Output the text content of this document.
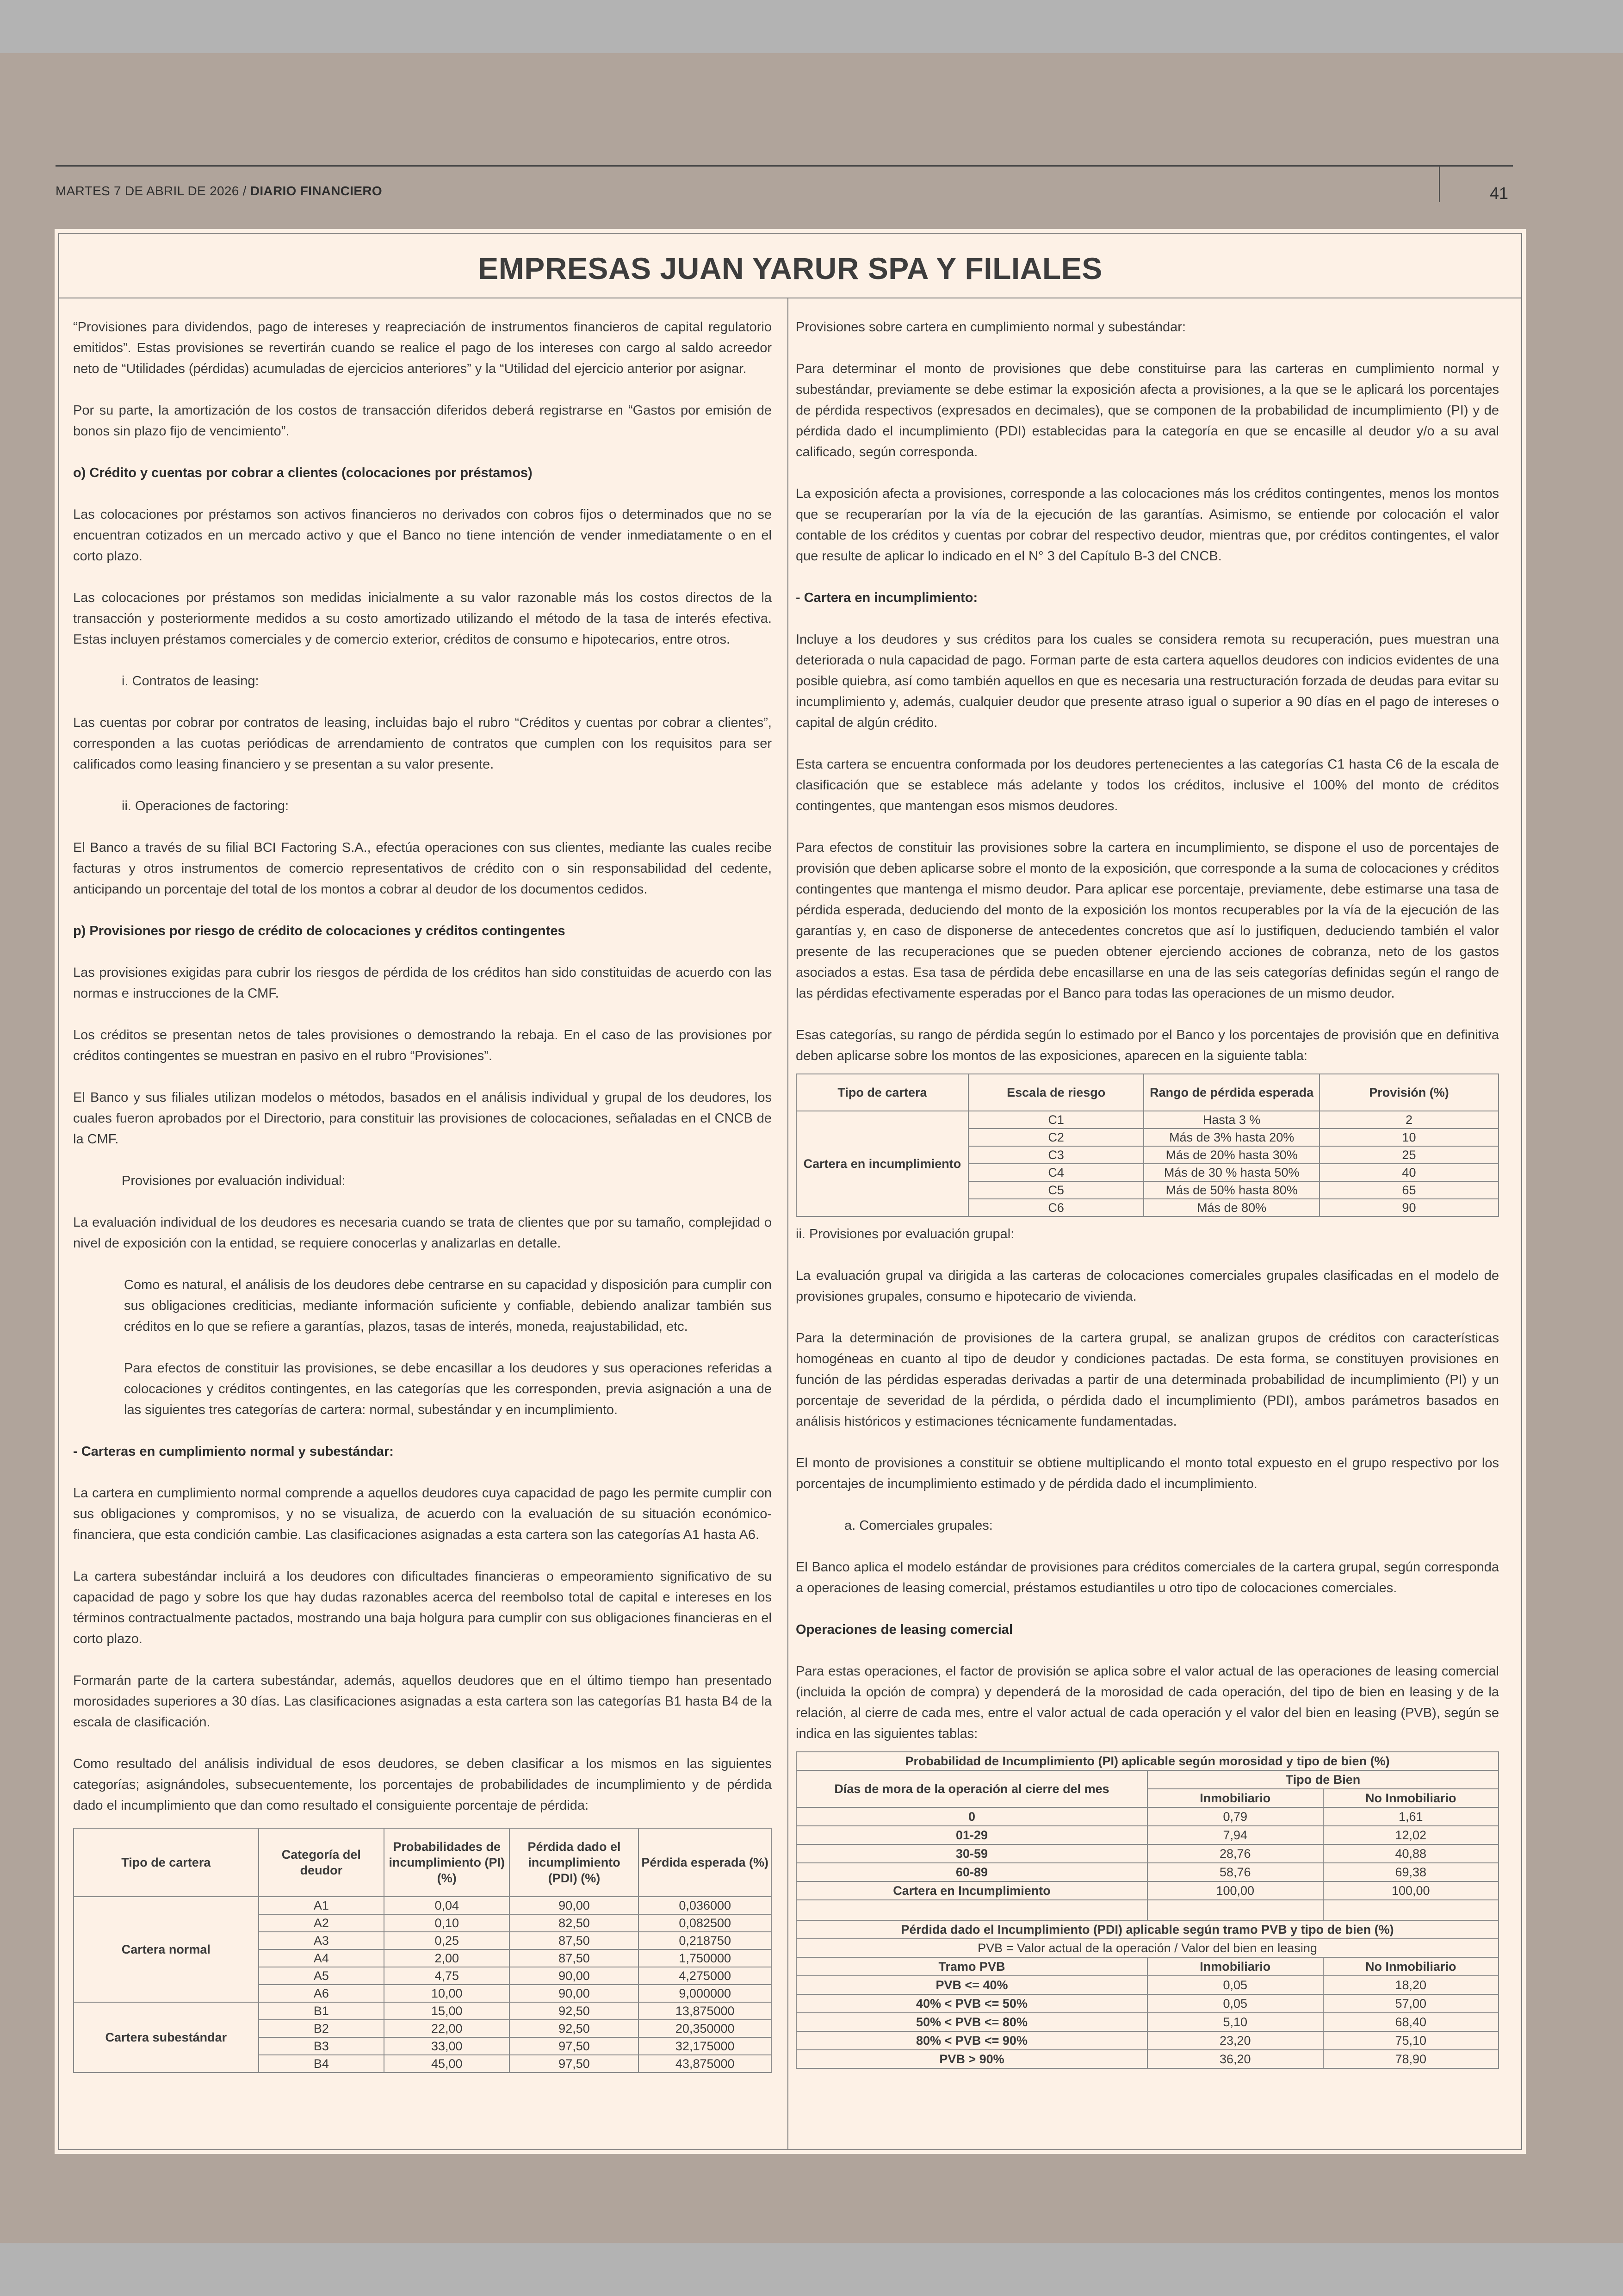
MARTES 7 DE ABRIL DE 2026 / DIARIO FINANCIERO	41
EMPRESAS JUAN YARUR SPA Y FILIALES

“Provisiones para dividendos, pago de intereses y reapreciación de instrumentos financieros de capital regulatorio emitidos”. Estas provisiones se revertirán cuando se realice el pago de los intereses con cargo al saldo acreedor neto de “Utilidades (pérdidas) acumuladas de ejercicios anteriores” y la “Utilidad del ejercicio anterior por asignar.

Por su parte, la amortización de los costos de transacción diferidos deberá registrarse en “Gastos por emisión de bonos sin plazo fijo de vencimiento”.

o) Crédito y cuentas por cobrar a clientes (colocaciones por préstamos)

Las colocaciones por préstamos son activos financieros no derivados con cobros fijos o determinados que no se encuentran cotizados en un mercado activo y que el Banco no tiene intención de vender inmediatamente o en el corto plazo.

Las colocaciones por préstamos son medidas inicialmente a su valor razonable más los costos directos de la transacción y posteriormente medidos a su costo amortizado utilizando el método de la tasa de interés efectiva. Estas incluyen préstamos comerciales y de comercio exterior, créditos de consumo e hipotecarios, entre otros.

i. Contratos de leasing:

Las cuentas por cobrar por contratos de leasing, incluidas bajo el rubro “Créditos y cuentas por cobrar a clientes”, corresponden a las cuotas periódicas de arrendamiento de contratos que cumplen con los requisitos para ser calificados como leasing financiero y se presentan a su valor presente.

ii. Operaciones de factoring:

El Banco a través de su filial BCI Factoring S.A., efectúa operaciones con sus clientes, mediante las cuales recibe facturas y otros instrumentos de comercio representativos de crédito con o sin responsabilidad del cedente, anticipando un porcentaje del total de los montos a cobrar al deudor de los documentos cedidos.

p) Provisiones por riesgo de crédito de colocaciones y créditos contingentes

Las provisiones exigidas para cubrir los riesgos de pérdida de los créditos han sido constituidas de acuerdo con las normas e instrucciones de la CMF.

Los créditos se presentan netos de tales provisiones o demostrando la rebaja. En el caso de las provisiones por créditos contingentes se muestran en pasivo en el rubro “Provisiones”.

El Banco y sus filiales utilizan modelos o métodos, basados en el análisis individual y grupal de los deudores, los cuales fueron aprobados por el Directorio, para constituir las provisiones de colocaciones, señaladas en el CNCB de la CMF.

Provisiones por evaluación individual:

La evaluación individual de los deudores es necesaria cuando se trata de clientes que por su tamaño, complejidad o nivel de exposición con la entidad, se requiere conocerlas y analizarlas en detalle.

Como es natural, el análisis de los deudores debe centrarse en su capacidad y disposición para cumplir con sus obligaciones crediticias, mediante información suficiente y confiable, debiendo analizar también sus créditos en lo que se refiere a garantías, plazos, tasas de interés, moneda, reajustabilidad, etc.

Para efectos de constituir las provisiones, se debe encasillar a los deudores y sus operaciones referidas a colocaciones y créditos contingentes, en las categorías que les corresponden, previa asignación a una de las siguientes tres categorías de cartera: normal, subestándar y en incumplimiento.

- Carteras en cumplimiento normal y subestándar:

La cartera en cumplimiento normal comprende a aquellos deudores cuya capacidad de pago les permite cumplir con sus obligaciones y compromisos, y no se visualiza, de acuerdo con la evaluación de su situación económico-financiera, que esta condición cambie. Las clasificaciones asignadas a esta cartera son las categorías A1 hasta A6.

La cartera subestándar incluirá a los deudores con dificultades financieras o empeoramiento significativo de su capacidad de pago y sobre los que hay dudas razonables acerca del reembolso total de capital e intereses en los términos contractualmente pactados, mostrando una baja holgura para cumplir con sus obligaciones financieras en el corto plazo.

Formarán parte de la cartera subestándar, además, aquellos deudores que en el último tiempo han presentado morosidades superiores a 30 días. Las clasificaciones asignadas a esta cartera son las categorías B1 hasta B4 de la escala de clasificación.

Como resultado del análisis individual de esos deudores, se deben clasificar a los mismos en las siguientes categorías; asignándoles, subsecuentemente, los porcentajes de probabilidades de incumplimiento y de pérdida dado el incumplimiento que dan como resultado el consiguiente porcentaje de pérdida:

Tipo de cartera	Categoría del deudor	Probabilidades de incumplimiento (PI) (%)	Pérdida dado el incumplimiento (PDI) (%)	Pérdida esperada (%)
Cartera normal	A1	0,04	90,00	0,036000
	A2	0,10	82,50	0,082500
	A3	0,25	87,50	0,218750
	A4	2,00	87,50	1,750000
	A5	4,75	90,00	4,275000
	A6	10,00	90,00	9,000000
Cartera subestándar	B1	15,00	92,50	13,875000
	B2	22,00	92,50	20,350000
	B3	33,00	97,50	32,175000
	B4	45,00	97,50	43,875000

Provisiones sobre cartera en cumplimiento normal y subestándar:

Para determinar el monto de provisiones que debe constituirse para las carteras en cumplimiento normal y subestándar, previamente se debe estimar la exposición afecta a provisiones, a la que se le aplicará los porcentajes de pérdida respectivos (expresados en decimales), que se componen de la probabilidad de incumplimiento (PI) y de pérdida dado el incumplimiento (PDI) establecidas para la categoría en que se encasille al deudor y/o a su aval calificado, según corresponda.

La exposición afecta a provisiones, corresponde a las colocaciones más los créditos contingentes, menos los montos que se recuperarían por la vía de la ejecución de las garantías. Asimismo, se entiende por colocación el valor contable de los créditos y cuentas por cobrar del respectivo deudor, mientras que, por créditos contingentes, el valor que resulte de aplicar lo indicado en el N° 3 del Capítulo B-3 del CNCB.

- Cartera en incumplimiento:

Incluye a los deudores y sus créditos para los cuales se considera remota su recuperación, pues muestran una deteriorada o nula capacidad de pago. Forman parte de esta cartera aquellos deudores con indicios evidentes de una posible quiebra, así como también aquellos en que es necesaria una restructuración forzada de deudas para evitar su incumplimiento y, además, cualquier deudor que presente atraso igual o superior a 90 días en el pago de intereses o capital de algún crédito.

Esta cartera se encuentra conformada por los deudores pertenecientes a las categorías C1 hasta C6 de la escala de clasificación que se establece más adelante y todos los créditos, inclusive el 100% del monto de créditos contingentes, que mantengan esos mismos deudores.

Para efectos de constituir las provisiones sobre la cartera en incumplimiento, se dispone el uso de porcentajes de provisión que deben aplicarse sobre el monto de la exposición, que corresponde a la suma de colocaciones y créditos contingentes que mantenga el mismo deudor. Para aplicar ese porcentaje, previamente, debe estimarse una tasa de pérdida esperada, deduciendo del monto de la exposición los montos recuperables por la vía de la ejecución de las garantías y, en caso de disponerse de antecedentes concretos que así lo justifiquen, deduciendo también el valor presente de las recuperaciones que se pueden obtener ejerciendo acciones de cobranza, neto de los gastos asociados a estas. Esa tasa de pérdida debe encasillarse en una de las seis categorías definidas según el rango de las pérdidas efectivamente esperadas por el Banco para todas las operaciones de un mismo deudor.

Esas categorías, su rango de pérdida según lo estimado por el Banco y los porcentajes de provisión que en definitiva deben aplicarse sobre los montos de las exposiciones, aparecen en la siguiente tabla:

Tipo de cartera	Escala de riesgo	Rango de pérdida esperada	Provisión (%)
Cartera en incumplimiento	C1	Hasta 3 %	2
	C2	Más de 3% hasta 20%	10
	C3	Más de 20% hasta 30%	25
	C4	Más de 30 % hasta 50%	40
	C5	Más de 50% hasta 80%	65
	C6	Más de 80%	90

ii. Provisiones por evaluación grupal:

La evaluación grupal va dirigida a las carteras de colocaciones comerciales grupales clasificadas en el modelo de provisiones grupales, consumo e hipotecario de vivienda.

Para la determinación de provisiones de la cartera grupal, se analizan grupos de créditos con características homogéneas en cuanto al tipo de deudor y condiciones pactadas. De esta forma, se constituyen provisiones en función de las pérdidas esperadas derivadas a partir de una determinada probabilidad de incumplimiento (PI) y un porcentaje de severidad de la pérdida, o pérdida dado el incumplimiento (PDI), ambos parámetros basados en análisis históricos y estimaciones técnicamente fundamentadas.

El monto de provisiones a constituir se obtiene multiplicando el monto total expuesto en el grupo respectivo por los porcentajes de incumplimiento estimado y de pérdida dado el incumplimiento.

a. Comerciales grupales:

El Banco aplica el modelo estándar de provisiones para créditos comerciales de la cartera grupal, según corresponda a operaciones de leasing comercial, préstamos estudiantiles u otro tipo de colocaciones comerciales.

Operaciones de leasing comercial

Para estas operaciones, el factor de provisión se aplica sobre el valor actual de las operaciones de leasing comercial (incluida la opción de compra) y dependerá de la morosidad de cada operación, del tipo de bien en leasing y de la relación, al cierre de cada mes, entre el valor actual de cada operación y el valor del bien en leasing (PVB), según se indica en las siguientes tablas:

Probabilidad de Incumplimiento (PI) aplicable según morosidad y tipo de bien (%)		
Días de mora de la operación al cierre del mes	Tipo de Bien	
	Inmobiliario	No Inmobiliario
0	0,79	1,61
01-29	7,94	12,02
30-59	28,76	40,88
60-89	58,76	69,38
Cartera en Incumplimiento	100,00	100,00

Pérdida dado el Incumplimiento (PDI) aplicable según tramo PVB y tipo de bien (%)		
PVB = Valor actual de la operación / Valor del bien en leasing		
Tramo PVB	Inmobiliario	No Inmobiliario
PVB <= 40%	0,05	18,20
40% < PVB <= 50%	0,05	57,00
50% < PVB <= 80%	5,10	68,40
80% < PVB <= 90%	23,20	75,10
PVB > 90%	36,20	78,90
